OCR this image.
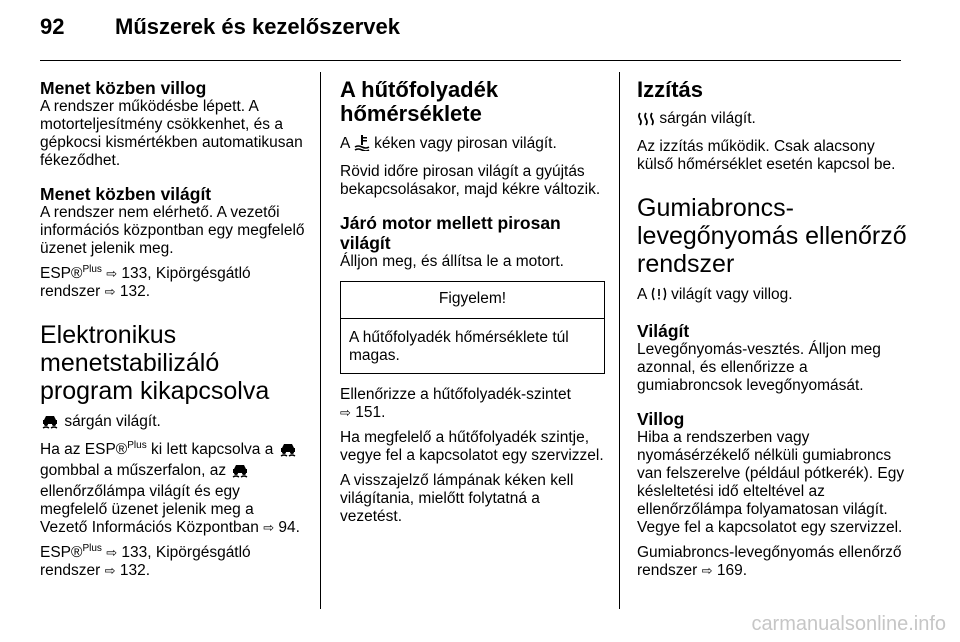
92 Műszerek és kezelőszervek
Menet közben villog

A rendszer működésbe lépett. A motorteljesítmény csökkenhet, és a gépkocsi kismértékben automatikusan fékeződhet.

Menet közben világít

A rendszer nem elérhető. A vezetői információs központban egy megfelelő üzenet jelenik meg.

ESP®$^{Plus}$ ⇨ 133, Kipörgésgátló rendszer ⇨ 132.

Elektronikus menetstabilizáló program kikapcsolva

sárgán világít.

Ha az ESP®$^{Plus}$ ki lett kapcsolva a  gombbal a műszerfalon, az  ellenőrzőlámpa világít és egy megfelelő üzenet jelenik meg a Vezető Információs Központban ⇨ 94.

ESP®$^{Plus}$ ⇨ 133, Kipörgésgátló rendszer ⇨ 132.

A hűtőfolyadék hőmérséklete

A  kéken vagy pirosan világít.

Rövid időre pirosan világít a gyújtás bekapcsolásakor, majd kékre változik.

Járó motor mellett pirosan világít

Álljon meg, és állítsa le a motort.

Figyelem!
A hűtőfolyadék hőmérséklete túl magas.

Ellenőrizze a hűtőfolyadék-szintet
⇨ 151.

Ha megfelelő a hűtőfolyadék szintje, vegye fel a kapcsolatot egy szervizzel.

A visszajelző lámpának kéken kell világítania, mielőtt folytatná a vezetést.

Izzítás

sárgán világít.

Az izzítás működik. Csak alacsony külső hőmérséklet esetén kapcsol be.

Gumiabroncs-levegőnyomás ellenőrző rendszer

A  világít vagy villog.

Világít

Levegőnyomás-vesztés. Álljon meg azonnal, és ellenőrizze a gumiabroncsok levegőnyomását.

Villog

Hiba a rendszerben vagy nyomásérzékelő nélküli gumiabroncs van felszerelve (például pótkerék). Egy késleltetési idő elteltével az ellenőrzőlámpa folyamatosan világít. Vegye fel a kapcsolatot egy szervizzel.

Gumiabroncs-levegőnyomás ellenőrző rendszer ⇨ 169.

carmanualsonline.info
